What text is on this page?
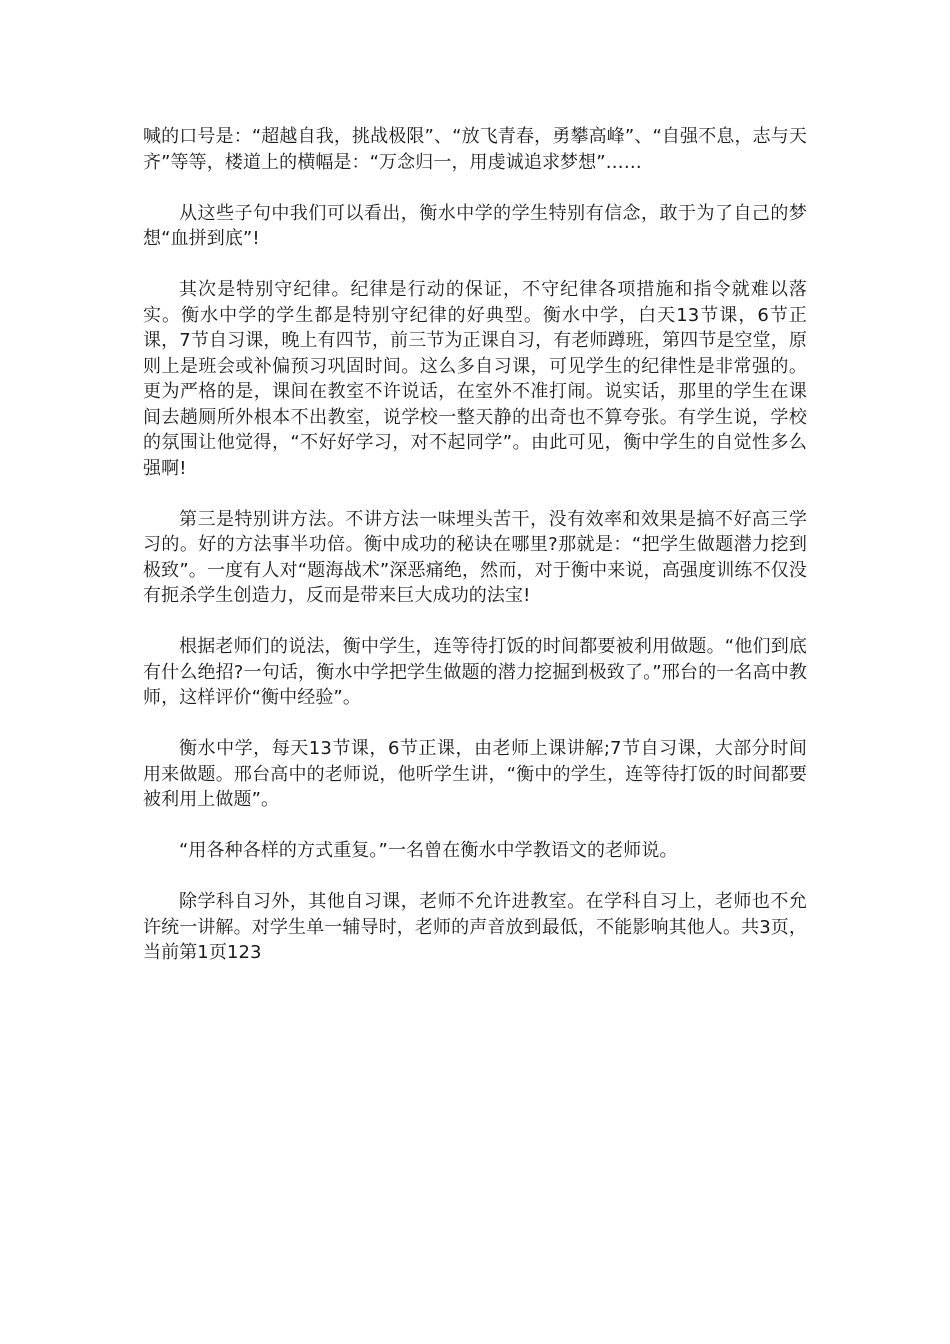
喊的口号是：“超越自我，挑战极限”、“放飞青春，勇攀高峰”、“自强不息，志与天齐”等等，楼道上的横幅是：“万念归一，用虔诚追求梦想”……

从这些子句中我们可以看出，衡水中学的学生特别有信念，敢于为了自己的梦想“血拼到底”!

其次是特别守纪律。纪律是行动的保证，不守纪律各项措施和指令就难以落实。衡水中学的学生都是特别守纪律的好典型。衡水中学，白天13节课，6节正课，7节自习课，晚上有四节，前三节为正课自习，有老师蹲班，第四节是空堂，原则上是班会或补偏预习巩固时间。这么多自习课，可见学生的纪律性是非常强的。更为严格的是，课间在教室不许说话，在室外不准打闹。说实话，那里的学生在课间去趟厕所外根本不出教室，说学校一整天静的出奇也不算夸张。有学生说，学校的氛围让他觉得，“不好好学习，对不起同学”。由此可见，衡中学生的自觉性多么强啊!

第三是特别讲方法。不讲方法一味埋头苦干，没有效率和效果是搞不好高三学习的。好的方法事半功倍。衡中成功的秘诀在哪里?那就是：“把学生做题潜力挖到极致”。一度有人对“题海战术”深恶痛绝，然而，对于衡中来说，高强度训练不仅没有扼杀学生创造力，反而是带来巨大成功的法宝!

根据老师们的说法，衡中学生，连等待打饭的时间都要被利用做题。“他们到底有什么绝招?一句话，衡水中学把学生做题的潜力挖掘到极致了。”邢台的一名高中教师，这样评价“衡中经验”。

衡水中学，每天13节课，6节正课，由老师上课讲解;7节自习课，大部分时间用来做题。邢台高中的老师说，他听学生讲，“衡中的学生，连等待打饭的时间都要被利用上做题”。

“用各种各样的方式重复。”一名曾在衡水中学教语文的老师说。

除学科自习外，其他自习课，老师不允许进教室。在学科自习上，老师也不允许统一讲解。对学生单一辅导时，老师的声音放到最低，不能影响其他人。共3页，当前第1页123
